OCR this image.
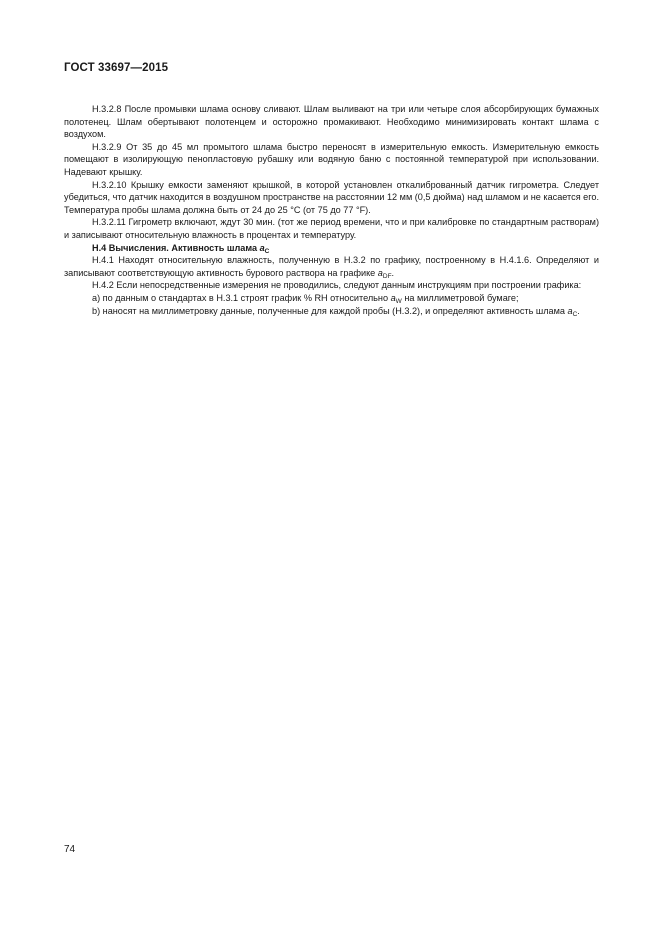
ГОСТ 33697—2015

Н.3.2.8 После промывки шлама основу сливают. Шлам выливают на три или четыре слоя абсорбирующих бумажных полотенец. Шлам обертывают полотенцем и осторожно промакивают. Необходимо минимизировать контакт шлама с воздухом.

Н.3.2.9 От 35 до 45 мл промытого шлама быстро переносят в измерительную емкость. Измерительную емкость помещают в изолирующую пенопластовую рубашку или водяную баню с постоянной температурой при использовании. Надевают крышку.

Н.3.2.10 Крышку емкости заменяют крышкой, в которой установлен откалиброванный датчик гигрометра. Следует убедиться, что датчик находится в воздушном пространстве на расстоянии 12 мм (0,5 дюйма) над шламом и не касается его. Температура пробы шлама должна быть от 24 до 25 °C (от 75 до 77 °F).

Н.3.2.11 Гигрометр включают, ждут 30 мин. (тот же период времени, что и при калибровке по стандартным растворам) и записывают относительную влажность в процентах и температуру.

Н.4 Вычисления. Активность шлама $a_C$

Н.4.1 Находят относительную влажность, полученную в Н.3.2 по графику, построенному в Н.4.1.6. Определяют и записывают соответствующую активность бурового раствора на графике $a_{DF}$.

Н.4.2 Если непосредственные измерения не проводились, следуют данным инструкциям при построении графика:

а) по данным о стандартах в Н.3.1 строят график % RH относительно $a_W$ на миллиметровой бумаге;

b) наносят на миллиметровку данные, полученные для каждой пробы (Н.3.2), и определяют активность шлама $a_C$.

74
